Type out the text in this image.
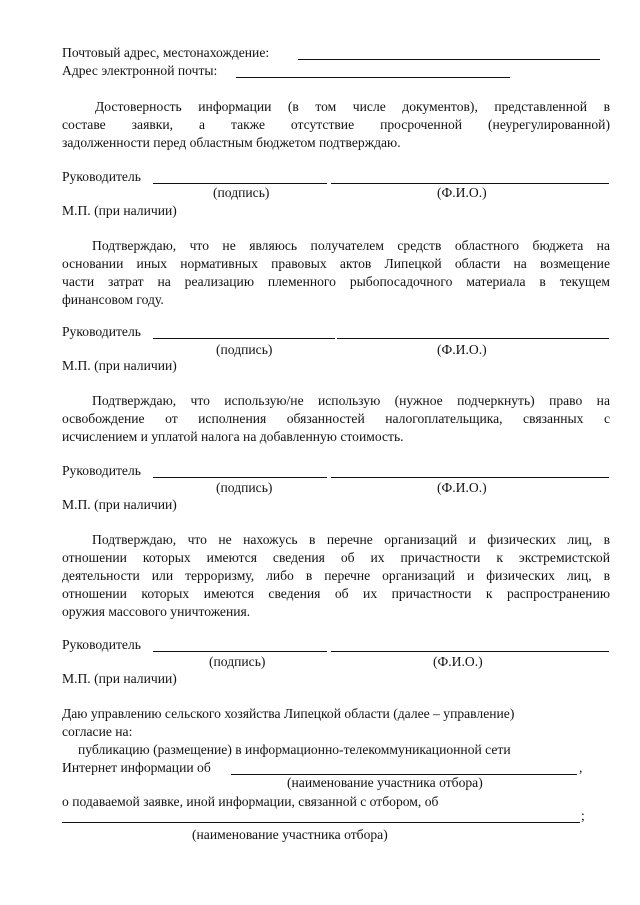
Почтовый адрес, местонахождение:
Адрес электронной почты:
Достоверность информации (в том числе документов), представленной в
составе заявки, а также отсутствие просроченной (неурегулированной)
задолженности перед областным бюджетом подтверждаю.
Руководитель
(подпись)	(Ф.И.О.)
М.П. (при наличии)
Подтверждаю, что не являюсь получателем средств областного бюджета на
основании иных нормативных правовых актов Липецкой области на возмещение
части затрат на реализацию племенного рыбопосадочного материала в текущем
финансовом году.
Руководитель
(подпись)	(Ф.И.О.)
М.П. (при наличии)
Подтверждаю, что использую/не использую (нужное подчеркнуть) право на
освобождение от исполнения обязанностей налогоплательщика, связанных с
исчислением и уплатой налога на добавленную стоимость.
Руководитель
(подпись)	(Ф.И.О.)
М.П. (при наличии)
Подтверждаю, что не нахожусь в перечне организаций и физических лиц, в
отношении которых имеются сведения об их причастности к экстремистской
деятельности или терроризму, либо в перечне организаций и физических лиц, в
отношении которых имеются сведения об их причастности к распространению
оружия массового уничтожения.
Руководитель
(подпись)	(Ф.И.О.)
М.П. (при наличии)
Даю управлению сельского хозяйства Липецкой области (далее – управление)
согласие на:
публикацию (размещение) в информационно-телекоммуникационной сети
Интернет информации об	,
(наименование участника отбора)
о подаваемой заявке, иной информации, связанной с отбором, об
;
(наименование участника отбора)
